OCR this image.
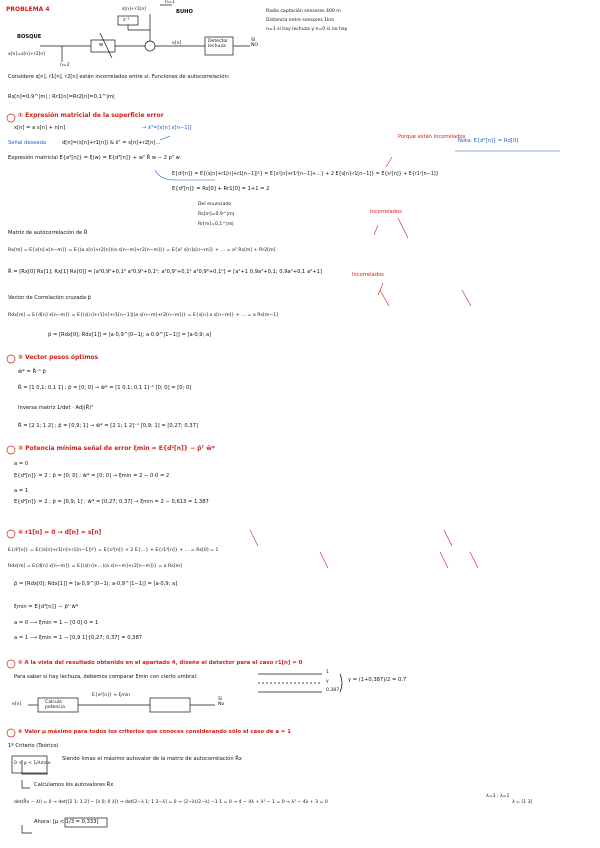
PROBLEMA 4	s[n]+r1[n]
n=1
BUHO
z⁻¹
BOSQUE
x[n]=s[n]+r2[n]
n=2
w	e[n]	Detector
lechuza
SI
NO
Radio captación sensores 400 m
Distancia entre sensores 1km
n=1 si hay lechuza y n=0 si no hay
Considere s[n], r1[n], r2[n] están incorrelados entre sí. Funciones de autocorrelación:
Rs[n]=0,9^|m| ; Rr1[n]=Rr2[n]=0,1^|m|
① Expresión matricial de la superficie error
x[n] = a s[n] + n[n]	→ x̄ᵀ=[x[n] x[n−1]]
Señal deseada	d[n]=(s[n]+r1[n]) & x̄ᵀ = s[n]+r2[n]…
Porque están incorrelados
Nota: E{d²[n]} = Rd[0]
Expresión matricial E{e²[n]} = ξ(w) = E{d²[n]} + wᵀ R̄ w − 2 pᵀ w
E{d²[n]} = E{(s[n]+r1[n]+r1[n−1])²} = E{s²[n]+r1²[n−1]+…} + 2 E{s[n]·r1[n−1]} = E{s²[n]} + E{r1²[n−1]}
E{d²[n]} = Rs[0] + Rr1[0] = 1+1 = 2
Del enunciado
Rs[m]=0,9^|m|
Rr[m]=0,1^|m|
Matriz de autocorrelación de R̄
Incorrelados
Rx[m] = E{x[n]·x[n−m]} = E{(a s[n]+r2[n])(a s[n−m]+r2[n−m])} = E{a² s[n]s[n−m]} + … = a² Rs[m] + Rr2[m]
R̄ = [Rx[0] Rx[1]; Rx[1] Rx[0]] = [a²0,9⁰+0,1⁰ a²0,9¹+0,1¹; a²0,9¹+0,1¹ a²0,9⁰+0,1⁰] = [a²+1 0,9a²+0,1; 0,9a²+0,1 a²+1]
Vector de Correlación cruzada p̄
Incorrelados
Rdx[m] = E{d[n] x[n−m]} = E{(s[n]+r1[n]+r1[n−1])(a s[n−m]+r2[n−m])} = E{s[n] a s[n−m]} + … = a Rs[m−1]
p̄ = [Rdx[0]; Rdx[1]] = [a·0,9^|0−1|; a·0,9^|1−1|] = [a·0,9; a]
② Vector pesos óptimos
w̄* = R̄⁻¹ p̄
R̄ = [1 0,1; 0,1 1] ; p̄ = [0; 0] → w̄* = [1 0,1; 0,1 1]⁻¹ [0; 0] = [0; 0]
Inversa matriz 1/det · Adj(R̄)ᵀ
R̄ = [2 1; 1 2] ; p̄ = [0,9; 1] → w̄* = [2 1; 1 2]⁻¹ [0,9; 1] = [0,27; 0,37]
③ Potencia mínima señal de error ξmin = E{d²[n]} − p̄ᵀ w̄*
a = 0
E{d²[n]} = 2 ; p̄ = [0; 0] ; w̄* = [0; 0] → ξmin = 2 − 0·0 = 2
a = 1
E{d²[n]} = 2 ; p̄ = [0,9; 1] ; w̄* = [0,27; 0,37] → ξmin = 2 − 0,613 = 1,387
④ r1[n] = 0 → d[n] = s[n]
E{d²[n]} = E{(s[n]+r1[n]+r1[n−1])²} = E{s²[n]} + 2 E{…} + E{r1²[n]} + … = Rs[0] = 1
Rdx[m] = E{d[n] x[n−m]} = E{(s[n]+…)(a s[n−m]+r2[n−m])} = a Rs[m]
p̄ = [Rdx[0]; Rdx[1]] = [a·0,9^|0−1|; a·0,9^|1−1|] = [a·0,9; a]
ξmin = E{d²[n]} − p̄ᵀ w̄*
a = 0 ⟶ ξmin = 1 − [0 0]·0 = 1
a = 1 ⟶ ξmin = 1 − [0,9 1]·[0,27; 0,37] = 0,387
⑤ A la vista del resultado obtenido en el apartado 4, diseñe el detector para el caso r1[n] = 0
Para saber si hay lechuza, debemos comparar ξmin con cierto umbral:
1
γ
0,387
γ = (1+0,387)/2 = 0,7
e[n]	Calcula
potencia
E{e²[n]} ≈ ξmin
Si
No
⑥ Valor μ máximo para todos los criterios que conoces considerando sólo el caso de a = 1
1º Criterio (Teórico)
0 < μ < 1/λmax
Siendo λmax el máximo autovalor de la matriz de autocorrelación R̄x
Calculamos los autovalores R̄x
det(R̄x − λI) = 0 → det([2 1; 1 2] − [λ 0; 0 λ]) → det[2−λ 1; 1 2−λ] = 0 → (2−λ)(2−λ) −1·1 = 0 → 4 − 4λ + λ² − 1 = 0 → λ² − 4λ + 3 = 0
λ=3 ; λ=1
λ = [1 3]
Ahora: [μ < 1/3 = 0,333]
